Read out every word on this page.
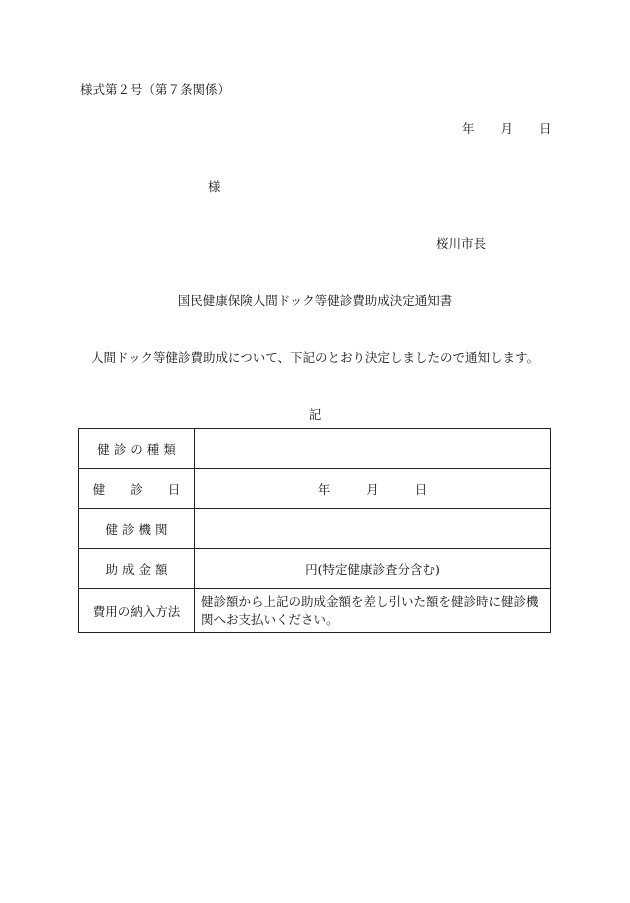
様式第２号（第７条関係）
年 月 日
様
桜川市長
国民健康保険人間ドック等健診費助成決定通知書
人間ドック等健診費助成について、下記のとおり決定しましたので通知します。
記
健 診 の 種 類	
健　　診　　日	年 月 日
健 診 機 関	
助 成 金 額	円(特定健康診査分含む)
費用の納入方法	健診額から上記の助成金額を差し引いた額を健診時に健診機関へお支払いください。
